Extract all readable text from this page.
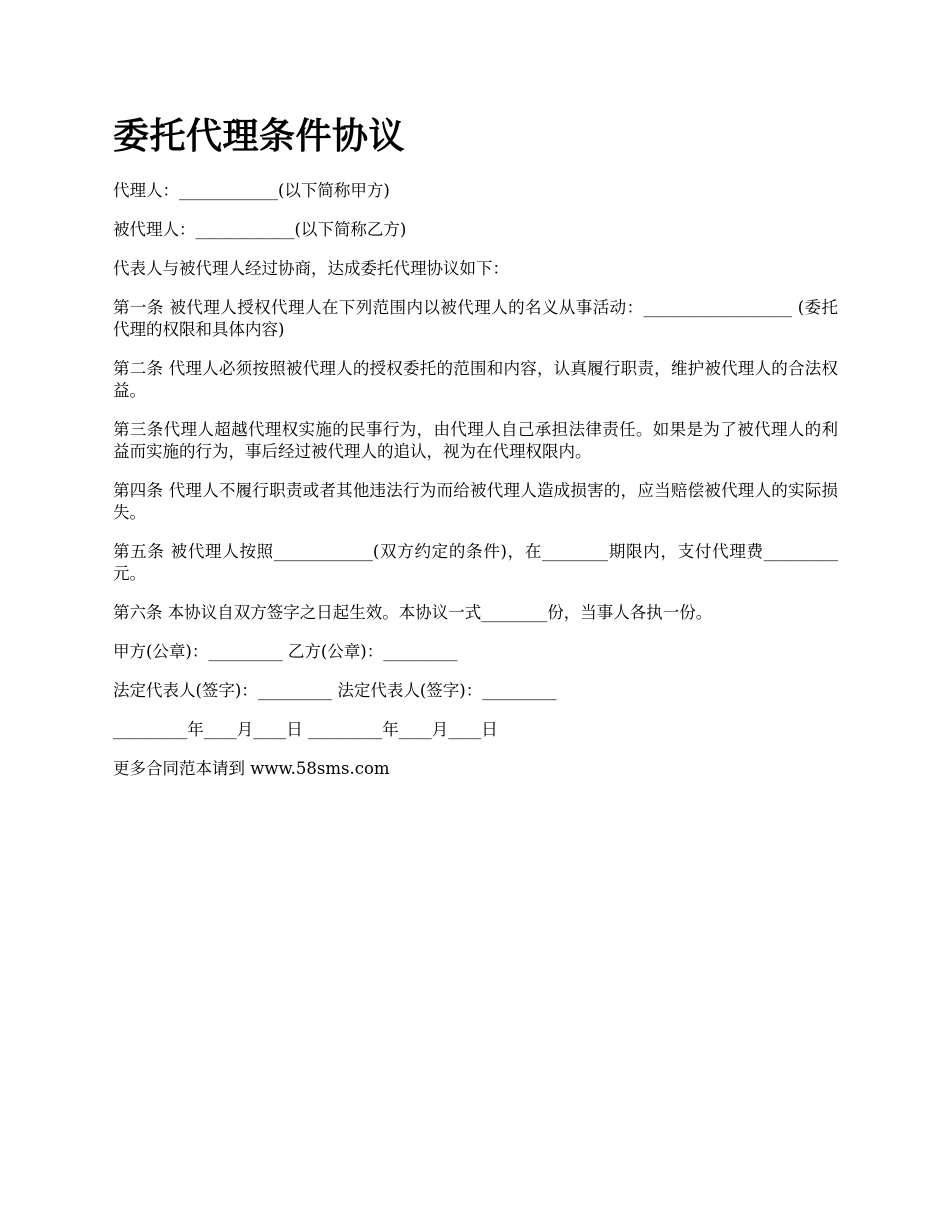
委托代理条件协议

代理人：____________(以下简称甲方)

被代理人：____________(以下简称乙方)

代表人与被代理人经过协商，达成委托代理协议如下：

第一条 被代理人授权代理人在下列范围内以被代理人的名义从事活动：__________________ (委托代理的权限和具体内容)

第二条 代理人必须按照被代理人的授权委托的范围和内容，认真履行职责，维护被代理人的合法权益。

第三条代理人超越代理权实施的民事行为，由代理人自己承担法律责任。如果是为了被代理人的利益而实施的行为，事后经过被代理人的追认，视为在代理权限内。

第四条 代理人不履行职责或者其他违法行为而给被代理人造成损害的，应当赔偿被代理人的实际损失。

第五条 被代理人按照____________(双方约定的条件)，在________期限内，支付代理费_________元。

第六条 本协议自双方签字之日起生效。本协议一式________份，当事人各执一份。

甲方(公章)：_________ 乙方(公章)：_________

法定代表人(签字)：_________ 法定代表人(签字)：_________

_________年____月____日 _________年____月____日

更多合同范本请到 www.58sms.com
